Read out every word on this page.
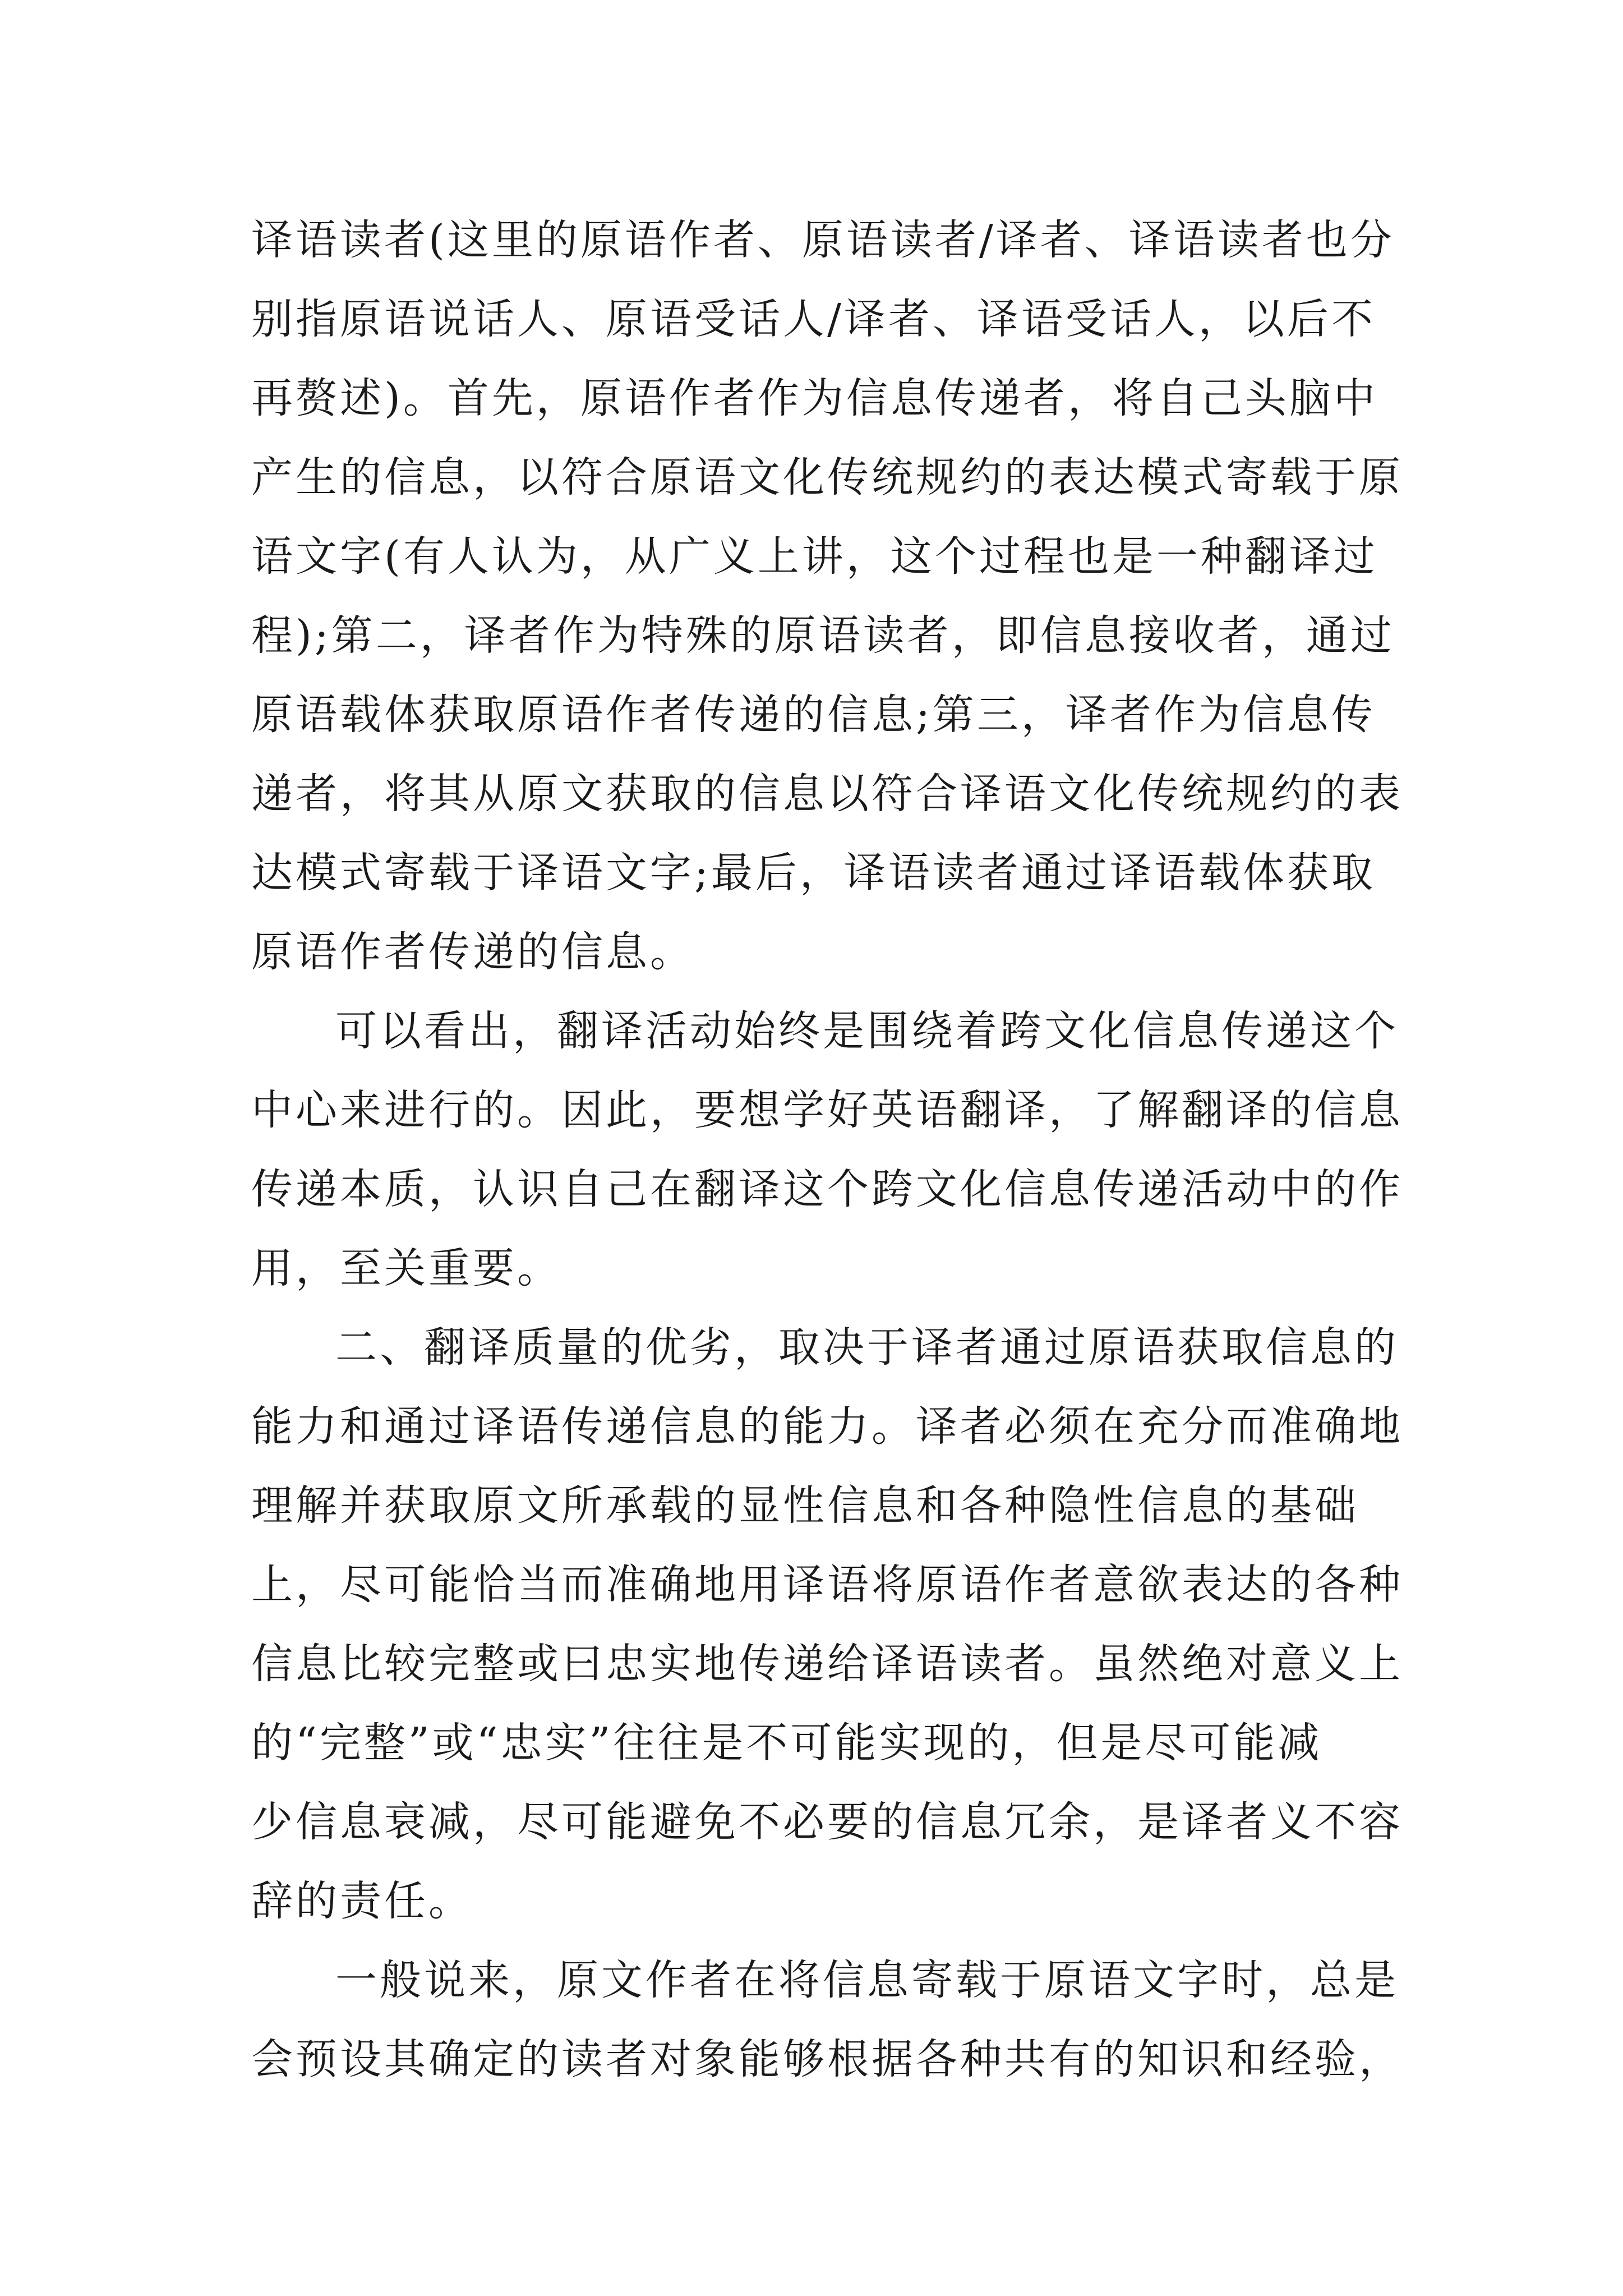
译语读者(这里的原语作者、原语读者/译者、译语读者也分
别指原语说话人、原语受话人/译者、译语受话人，以后不
再赘述)。首先，原语作者作为信息传递者，将自己头脑中
产生的信息，以符合原语文化传统规约的表达模式寄载于原
语文字(有人认为，从广义上讲，这个过程也是一种翻译过
程);第二，译者作为特殊的原语读者，即信息接收者，通过
原语载体获取原语作者传递的信息;第三，译者作为信息传
递者，将其从原文获取的信息以符合译语文化传统规约的表
达模式寄载于译语文字;最后，译语读者通过译语载体获取
原语作者传递的信息。
可以看出，翻译活动始终是围绕着跨文化信息传递这个
中心来进行的。因此，要想学好英语翻译，了解翻译的信息
传递本质，认识自己在翻译这个跨文化信息传递活动中的作
用，至关重要。
二、翻译质量的优劣，取决于译者通过原语获取信息的
能力和通过译语传递信息的能力。译者必须在充分而准确地
理解并获取原文所承载的显性信息和各种隐性信息的基础
上，尽可能恰当而准确地用译语将原语作者意欲表达的各种
信息比较完整或曰忠实地传递给译语读者。虽然绝对意义上
的“完整”或“忠实”往往是不可能实现的，但是尽可能减
少信息衰减，尽可能避免不必要的信息冗余，是译者义不容
辞的责任。
一般说来，原文作者在将信息寄载于原语文字时，总是
会预设其确定的读者对象能够根据各种共有的知识和经验，
